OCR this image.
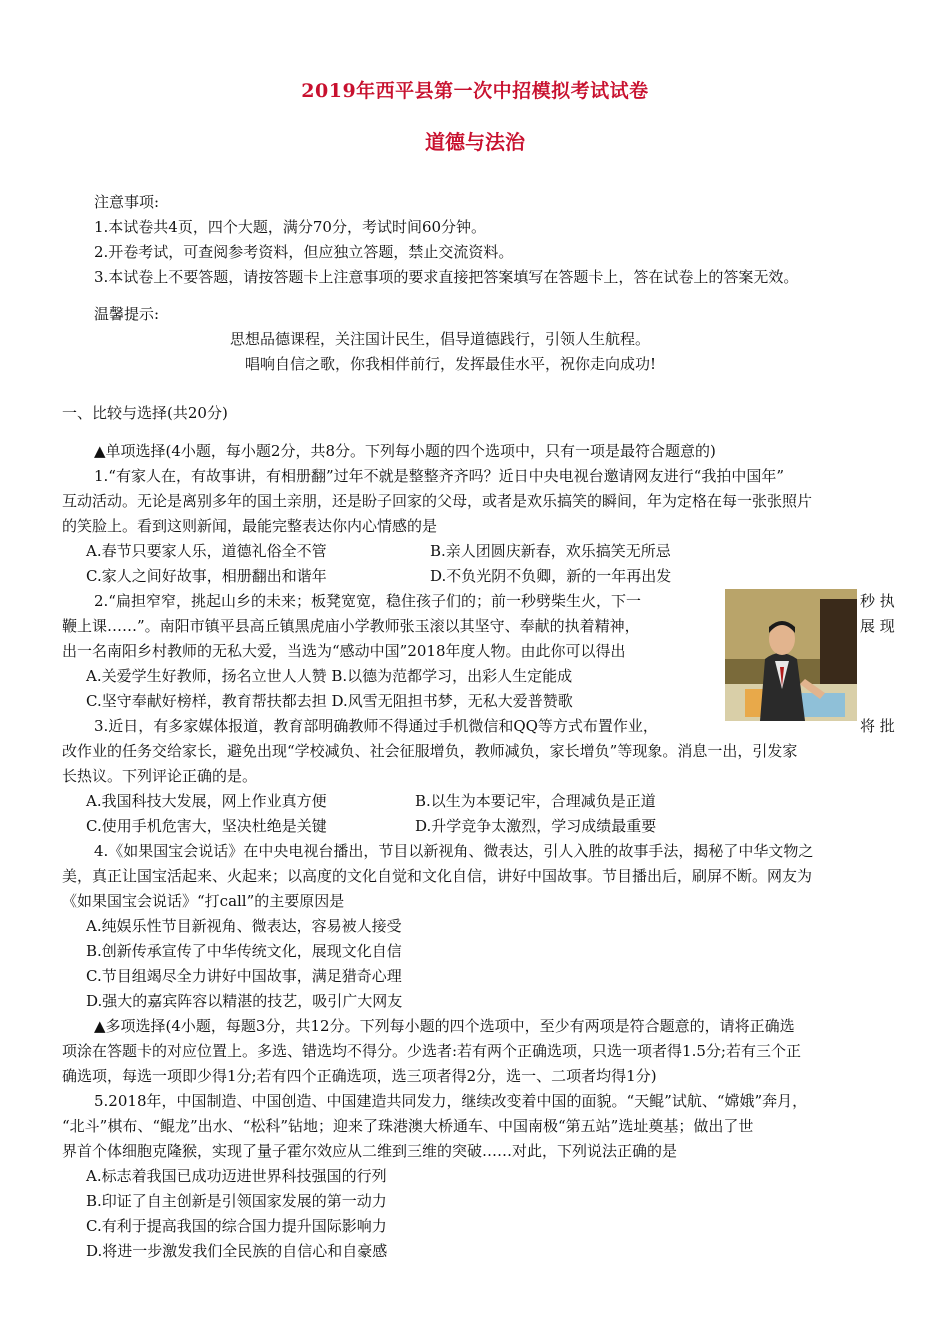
2019年西平县第一次中招模拟考试试卷
道德与法治
注意事项:
1.本试卷共4页，四个大题，满分70分，考试时间60分钟。
2.开卷考试，可查阅参考资料，但应独立答题，禁止交流资料。
3.本试卷上不要答题，请按答题卡上注意事项的要求直接把答案填写在答题卡上，答在试卷上的答案无效。
温馨提示:
思想品德课程，关注国计民生，倡导道德践行，引领人生航程。
唱响自信之歌，你我相伴前行，发挥最佳水平，祝你走向成功!
一、比较与选择(共20分)
▲单项选择(4小题，每小题2分，共8分。下列每小题的四个选项中，只有一项是最符合题意的)
1.“有家人在，有故事讲，有相册翻”过年不就是整整齐齐吗？近日中央电视台邀请网友进行“我拍中国年”
互动活动。无论是离别多年的国土亲朋，还是盼子回家的父母，或者是欢乐搞笑的瞬间，年为定格在每一张张照片
的笑脸上。看到这则新闻，最能完整表达你内心情感的是
A.春节只要家人乐，道德礼俗全不管	B.亲人团圆庆新春，欢乐搞笑无所忌
C.家人之间好故事，相册翻出和谐年	D.不负光阴不负卿，新的一年再出发
2.“扁担窄窄，挑起山乡的未来；板凳宽宽，稳住孩子们的；前一秒劈柴生火，下一	秒 执
鞭上课……”。南阳市镇平县高丘镇黑虎庙小学教师张玉滚以其坚守、奉献的执着精神，	展 现
出一名南阳乡村教师的无私大爱，当选为“感动中国”2018年度人物。由此你可以得出
A.关爱学生好教师，扬名立世人人赞 B.以德为范都学习，出彩人生定能成
C.坚守奉献好榜样，教育帮扶都去担 D.风雪无阻担书梦，无私大爱普赞歌
3.近日，有多家媒体报道，教育部明确教师不得通过手机微信和QQ等方式布置作业，	将 批
改作业的任务交给家长，避免出现“学校减负、社会征服增负，教师减负，家长增负”等现象。消息一出，引发家
长热议。下列评论正确的是。
A.我国科技大发展，网上作业真方便	B.以生为本要记牢，合理减负是正道
C.使用手机危害大，坚决杜绝是关键	D.升学竞争太激烈，学习成绩最重要
4.《如果国宝会说话》在中央电视台播出，节目以新视角、微表达，引人入胜的故事手法，揭秘了中华文物之
美，真正让国宝活起来、火起来；以高度的文化自觉和文化自信，讲好中国故事。节目播出后，刷屏不断。网友为
《如果国宝会说话》“打call”的主要原因是
A.纯娱乐性节目新视角、微表达，容易被人接受
B.创新传承宣传了中华传统文化，展现文化自信
C.节目组竭尽全力讲好中国故事，满足猎奇心理
D.强大的嘉宾阵容以精湛的技艺，吸引广大网友
▲多项选择(4小题，每题3分，共12分。下列每小题的四个选项中，至少有两项是符合题意的，请将正确选
项涂在答题卡的对应位置上。多选、错选均不得分。少选者:若有两个正确选项，只选一项者得1.5分;若有三个正
确选项，每选一项即少得1分;若有四个正确选项，选三项者得2分，选一、二项者均得1分)
5.2018年，中国制造、中国创造、中国建造共同发力，继续改变着中国的面貌。“天鲲”试航、“嫦娥”奔月，
“北斗”棋布、“鲲龙”出水、“松科”钻地；迎来了珠港澳大桥通车、中国南极“第五站”选址奠基；做出了世
界首个体细胞克隆猴，实现了量子霍尔效应从二维到三维的突破……对此，下列说法正确的是
A.标志着我国已成功迈进世界科技强国的行列
B.印证了自主创新是引领国家发展的第一动力
C.有利于提高我国的综合国力提升国际影响力
D.将进一步激发我们全民族的自信心和自豪感
